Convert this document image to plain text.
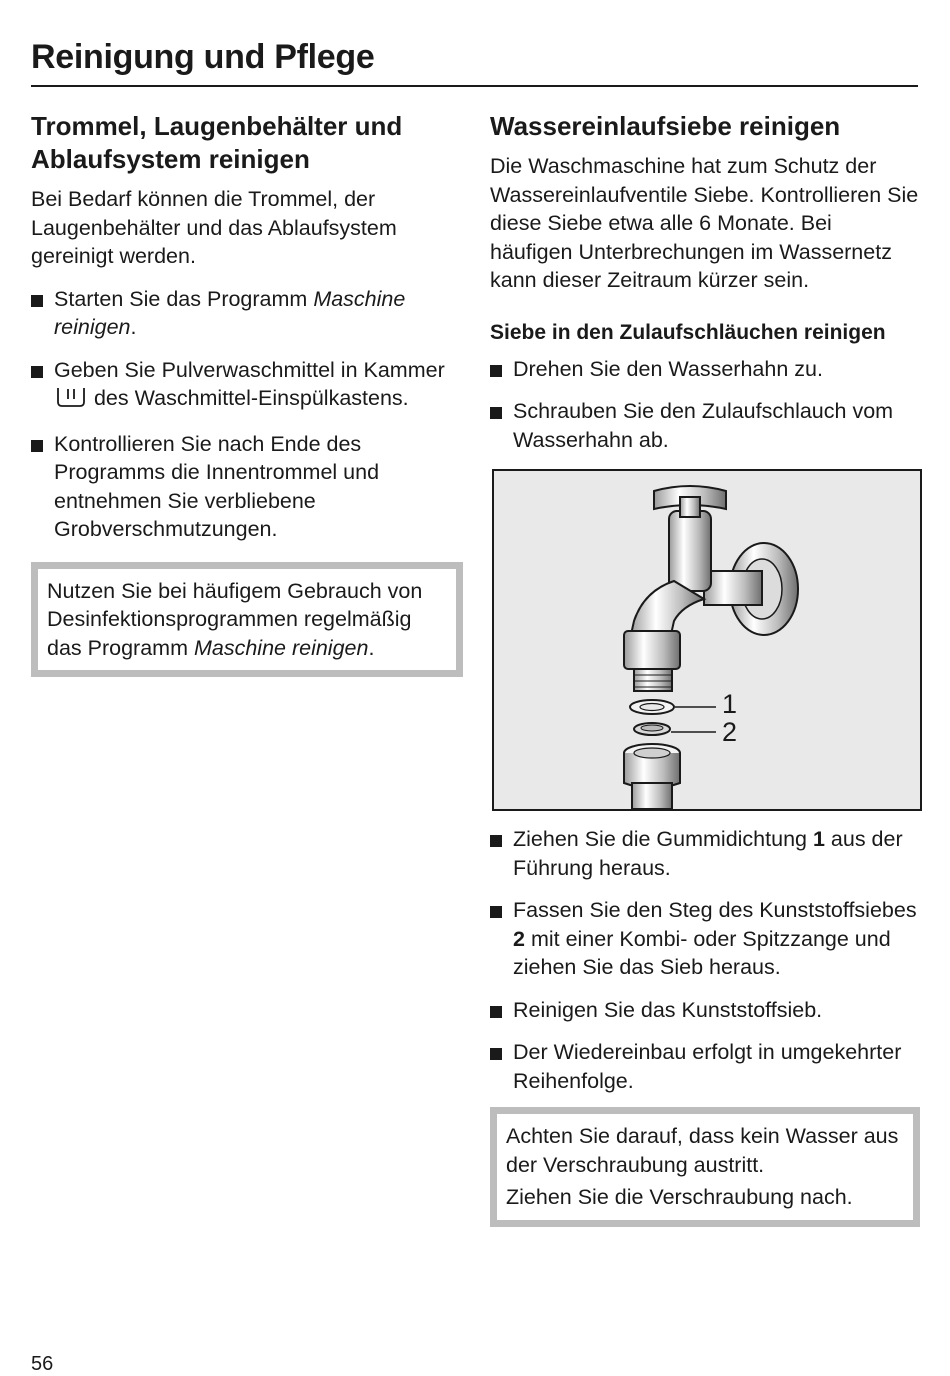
Reinigung und Pflege
Trommel, Laugenbehälter und Ablaufsystem reinigen

Bei Bedarf können die Trommel, der Laugenbehälter und das Ablaufsystem gereinigt werden.

Starten Sie das Programm Maschine reinigen.
Geben Sie Pulverwaschmittel in Kammer  des Waschmittel-Einspülkastens.
Kontrollieren Sie nach Ende des Programms die Innentrommel und entnehmen Sie verbliebene Grobverschmutzungen.

Nutzen Sie bei häufigem Gebrauch von Desinfektionsprogrammen regelmäßig das Programm Maschine reinigen.

Wassereinlaufsiebe reinigen

Die Waschmaschine hat zum Schutz der Wassereinlaufventile Siebe. Kontrollieren Sie diese Siebe etwa alle 6 Monate. Bei häufigen Unterbrechungen im Wassernetz kann dieser Zeitraum kürzer sein.

Siebe in den Zulaufschläuchen reinigen
Drehen Sie den Wasserhahn zu.
Schrauben Sie den Zulaufschlauch vom Wasserhahn ab.
1
2
Ziehen Sie die Gummidichtung 1 aus der Führung heraus.
Fassen Sie den Steg des Kunststoffsiebes 2 mit einer Kombi- oder Spitzzange und ziehen Sie das Sieb heraus.
Reinigen Sie das Kunststoffsieb.
Der Wiedereinbau erfolgt in umgekehrter Reihenfolge.

Achten Sie darauf, dass kein Wasser aus der Verschraubung austritt.

Ziehen Sie die Verschraubung nach.

56
